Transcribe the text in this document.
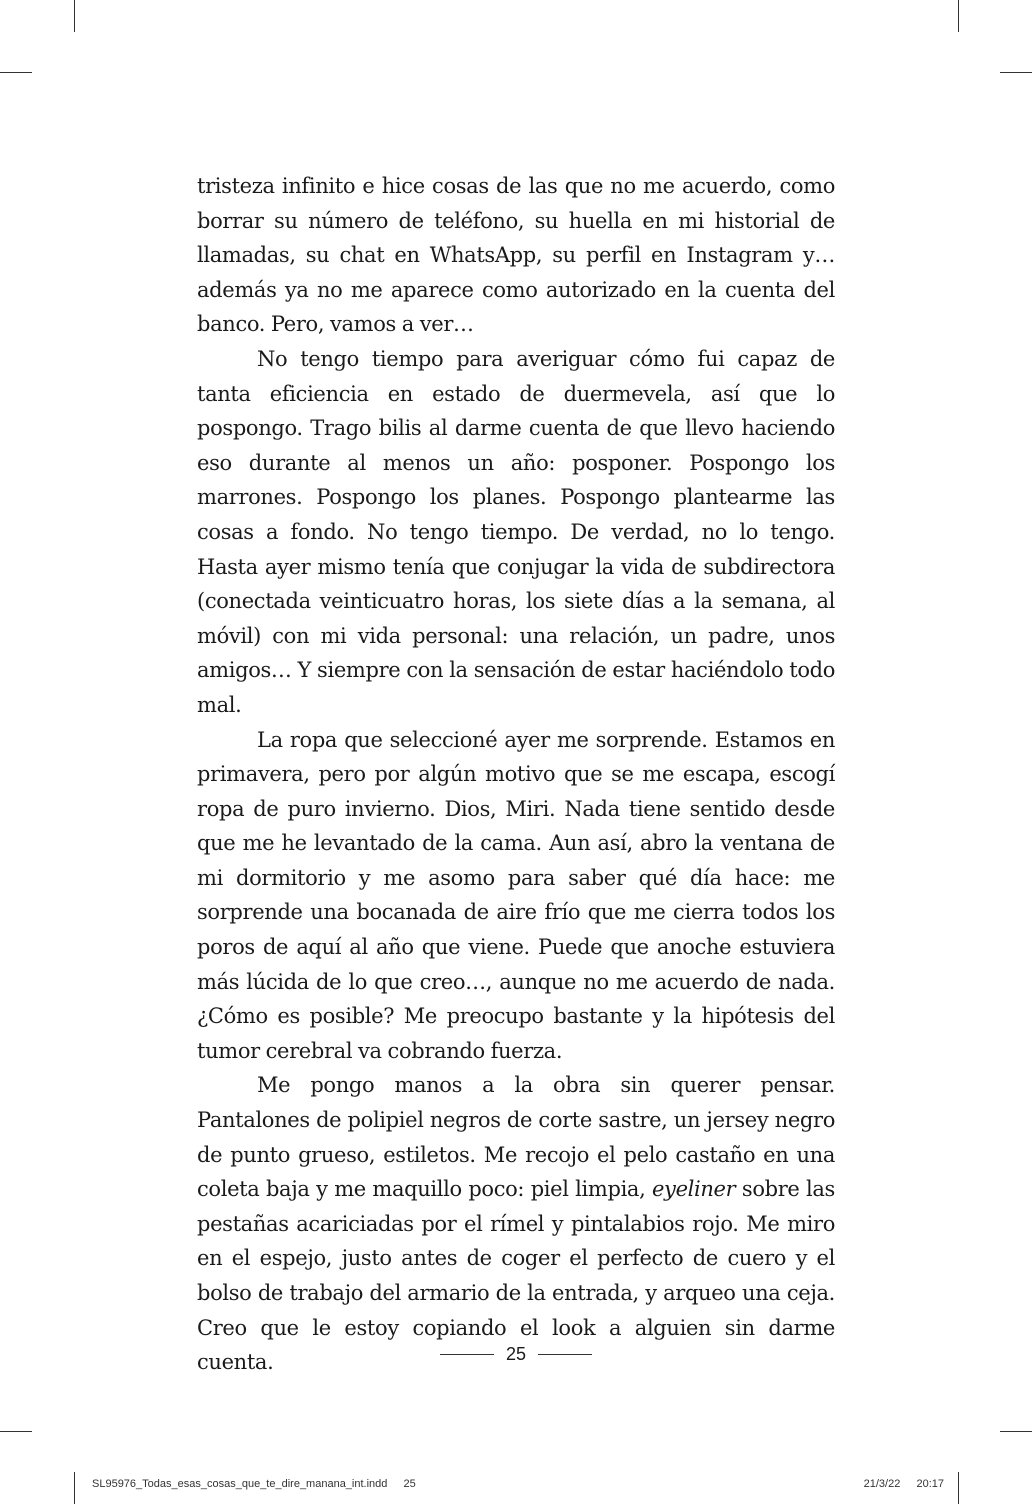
tristeza infinito e hice cosas de las que no me acuerdo, como borrar su número de teléfono, su huella en mi historial de llamadas, su chat en WhatsApp, su perfil en Instagram y… además ya no me aparece como autorizado en la cuenta del banco. Pero, vamos a ver…

No tengo tiempo para averiguar cómo fui capaz de tanta eficiencia en estado de duermevela, así que lo pospongo. Trago bilis al darme cuenta de que llevo haciendo eso durante al menos un año: posponer. Pospongo los marrones. Pospongo los planes. Pospongo plantearme las cosas a fondo. No tengo tiempo. De verdad, no lo tengo. Hasta ayer mismo tenía que conjugar la vida de subdirectora (conectada veinticuatro horas, los siete días a la semana, al móvil) con mi vida personal: una relación, un padre, unos amigos… Y siempre con la sensación de estar haciéndolo todo mal.

La ropa que seleccioné ayer me sorprende. Estamos en primavera, pero por algún motivo que se me escapa, escogí ropa de puro invierno. Dios, Miri. Nada tiene sentido desde que me he levantado de la cama. Aun así, abro la ventana de mi dormitorio y me asomo para saber qué día hace: me sorprende una bocanada de aire frío que me cierra todos los poros de aquí al año que viene. Puede que anoche estuviera más lúcida de lo que creo…, aunque no me acuerdo de nada. ¿Cómo es posible? Me preocupo bastante y la hipótesis del tumor cerebral va cobrando fuerza.

Me pongo manos a la obra sin querer pensar. Pantalones de polipiel negros de corte sastre, un jersey negro de punto grueso, estiletos. Me recojo el pelo castaño en una coleta baja y me maquillo poco: piel limpia, eyeliner sobre las pestañas acariciadas por el rímel y pintalabios rojo. Me miro en el espejo, justo antes de coger el perfecto de cuero y el bolso de trabajo del armario de la entrada, y arqueo una ceja. Creo que le estoy copiando el look a alguien sin darme cuenta.	25
SL95976_Todas_esas_cosas_que_te_dire_manana_int.indd 25	21/3/22 20:17
